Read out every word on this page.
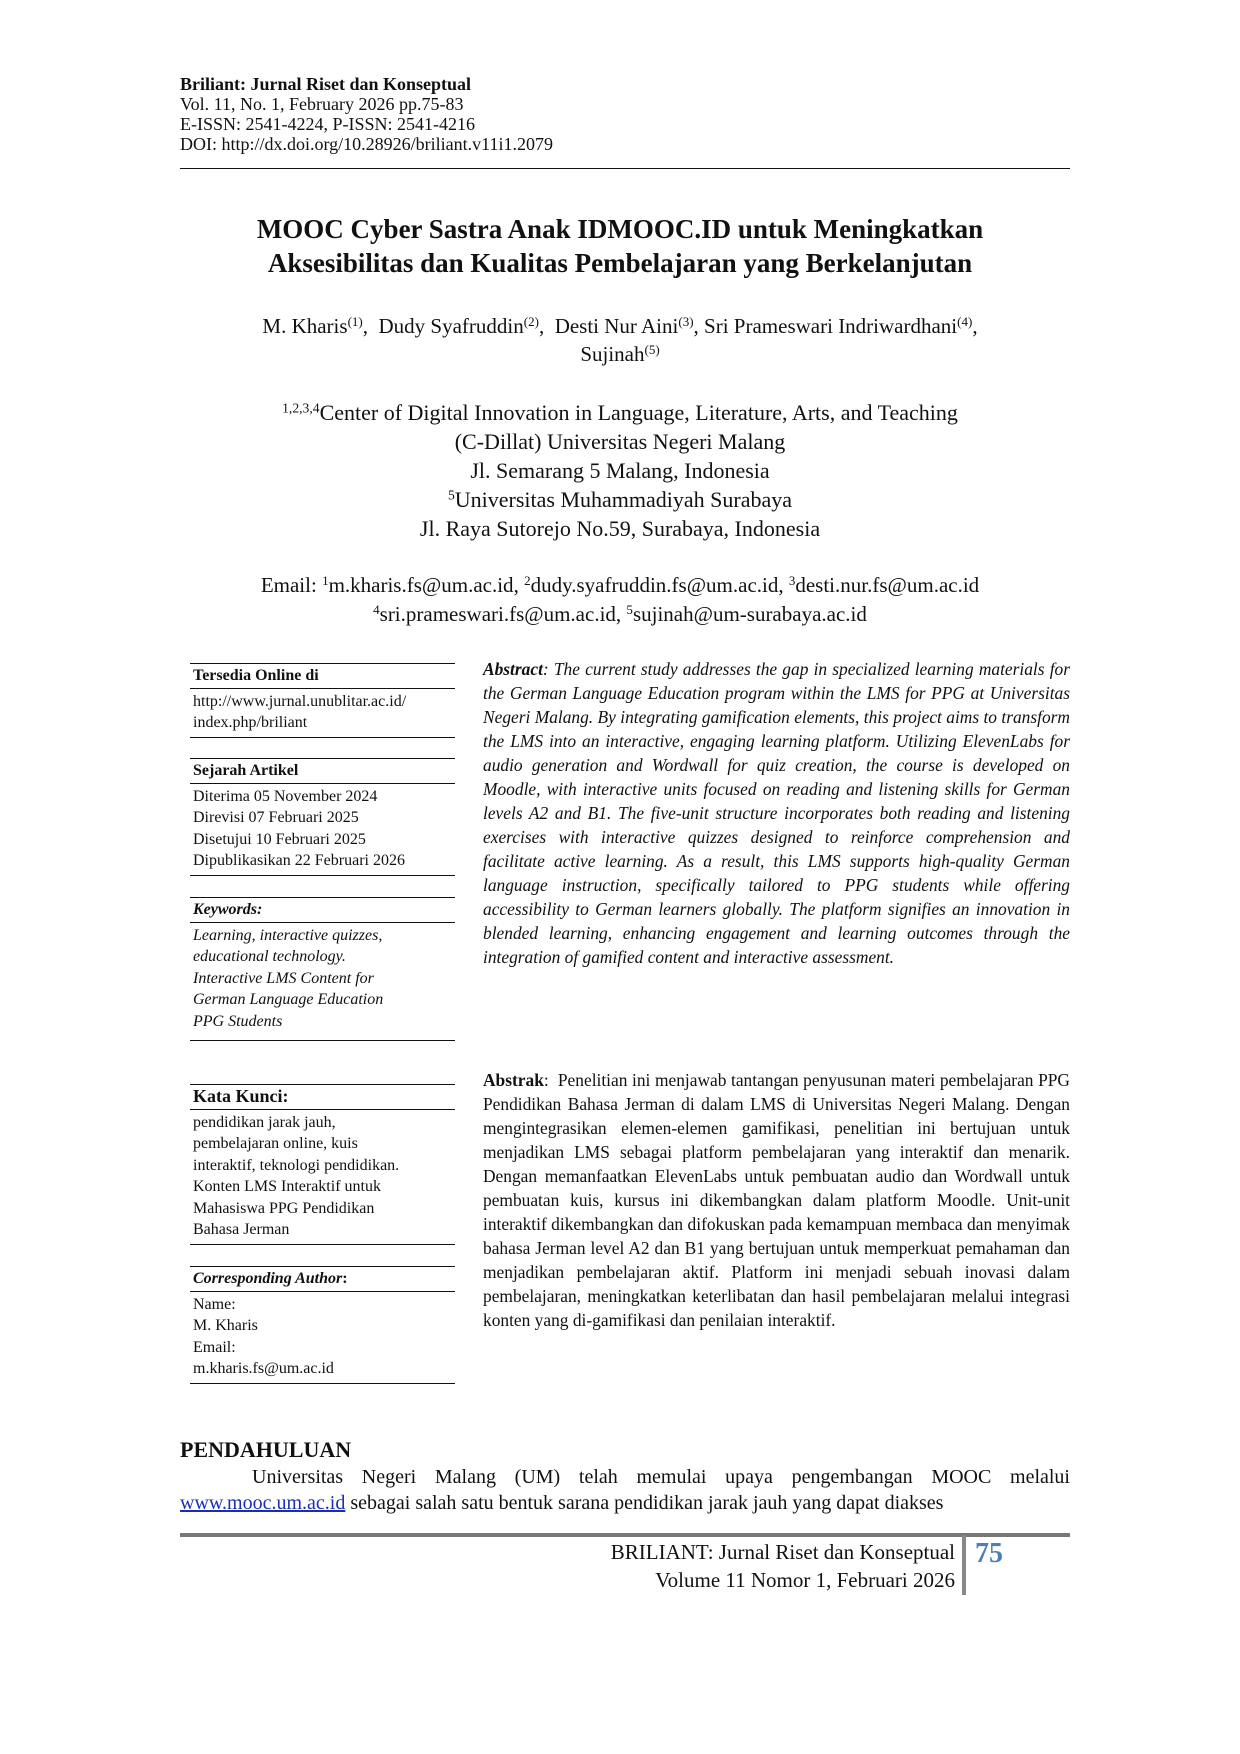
Briliant: Jurnal Riset dan Konseptual
Vol. 11, No. 1, February 2026 pp.75-83
E-ISSN: 2541-4224, P-ISSN: 2541-4216
DOI: http://dx.doi.org/10.28926/briliant.v11i1.2079
MOOC Cyber Sastra Anak IDMOOC.ID untuk Meningkatkan
Aksesibilitas dan Kualitas Pembelajaran yang Berkelanjutan
M. Kharis$^{(1)}$,  Dudy Syafruddin$^{(2)}$,  Desti Nur Aini$^{(3)}$, Sri Prameswari Indriwardhani$^{(4)}$,
Sujinah$^{(5)}$
$^{1,2,3,4}$Center of Digital Innovation in Language, Literature, Arts, and Teaching
(C-Dillat) Universitas Negeri Malang
Jl. Semarang 5 Malang, Indonesia
$^5$Universitas Muhammadiyah Surabaya
Jl. Raya Sutorejo No.59, Surabaya, Indonesia
Email: $^1$m.kharis.fs@um.ac.id, $^2$dudy.syafruddin.fs@um.ac.id, $^3$desti.nur.fs@um.ac.id
$^4$sri.prameswari.fs@um.ac.id, $^5$sujinah@um-surabaya.ac.id
Tersedia Online di
http://www.jurnal.unublitar.ac.id/
index.php/briliant
Sejarah Artikel
Diterima 05 November 2024
Direvisi 07 Februari 2025
Disetujui 10 Februari 2025
Dipublikasikan 22 Februari 2026
Keywords:
Learning, interactive quizzes,
educational technology.
Interactive LMS Content for
German Language Education
PPG Students
Kata Kunci:
pendidikan jarak jauh,
pembelajaran online, kuis
interaktif, teknologi pendidikan.
Konten LMS Interaktif untuk
Mahasiswa PPG Pendidikan
Bahasa Jerman
Corresponding Author:
Name:
M. Kharis
Email:
m.kharis.fs@um.ac.id
Abstract: The current study addresses the gap in specialized learning materials for the German Language Education program within the LMS for PPG at Universitas Negeri Malang. By integrating gamification elements, this project aims to transform the LMS into an interactive, engaging learning platform. Utilizing ElevenLabs for audio generation and Wordwall for quiz creation, the course is developed on Moodle, with interactive units focused on reading and listening skills for German levels A2 and B1. The five-unit structure incorporates both reading and listening exercises with interactive quizzes designed to reinforce comprehension and facilitate active learning. As a result, this LMS supports high-quality German language instruction, specifically tailored to PPG students while offering accessibility to German learners globally. The platform signifies an innovation in blended learning, enhancing engagement and learning outcomes through the integration of gamified content and interactive assessment.
Abstrak:  Penelitian ini menjawab tantangan penyusunan materi pembelajaran PPG Pendidikan Bahasa Jerman di dalam LMS di Universitas Negeri Malang. Dengan mengintegrasikan elemen-elemen gamifikasi, penelitian ini bertujuan untuk menjadikan LMS sebagai platform pembelajaran yang interaktif dan menarik. Dengan memanfaatkan ElevenLabs untuk pembuatan audio dan Wordwall untuk pembuatan kuis, kursus ini dikembangkan dalam platform Moodle. Unit-unit interaktif dikembangkan dan difokuskan pada kemampuan membaca dan menyimak bahasa Jerman level A2 dan B1 yang bertujuan untuk memperkuat pemahaman dan menjadikan pembelajaran aktif. Platform ini menjadi sebuah inovasi dalam pembelajaran, meningkatkan keterlibatan dan hasil pembelajaran melalui integrasi konten yang di-gamifikasi dan penilaian interaktif.
PENDAHULUAN
Universitas Negeri Malang (UM) telah memulai upaya pengembangan MOOC melalui www.mooc.um.ac.id sebagai salah satu bentuk sarana pendidikan jarak jauh yang dapat diakses
BRILIANT: Jurnal Riset dan Konseptual
Volume 11 Nomor 1, Februari 2026
75
